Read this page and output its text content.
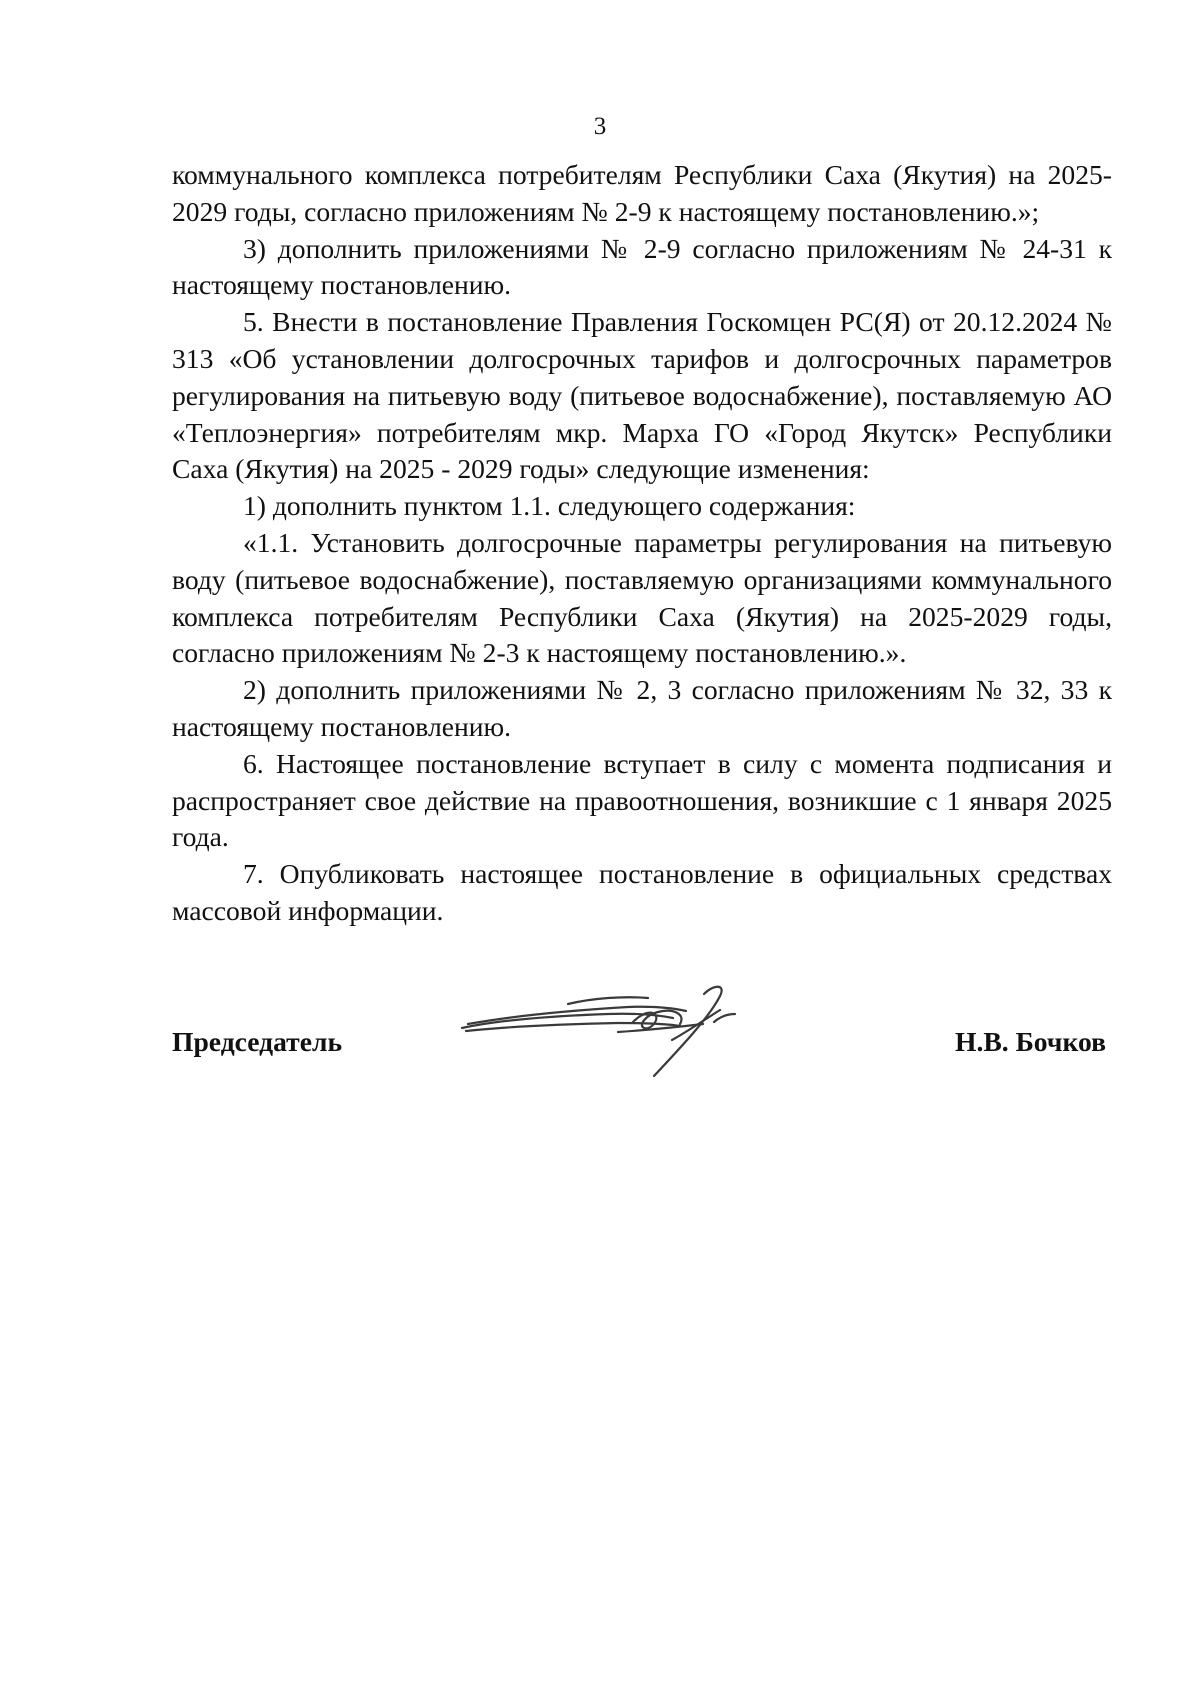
3

коммунального комплекса потребителям Республики Саха (Якутия) на 2025-2029 годы, согласно приложениям № 2-9 к настоящему постановлению.»;

3) дополнить приложениями № 2-9 согласно приложениям № 24-31 к настоящему постановлению.

5. Внести в постановление Правления Госкомцен РС(Я) от 20.12.2024 № 313 «Об установлении долгосрочных тарифов и долгосрочных параметров регулирования на питьевую воду (питьевое водоснабжение), поставляемую АО «Теплоэнергия» потребителям мкр. Марха ГО «Город Якутск» Республики Саха (Якутия) на 2025 - 2029 годы» следующие изменения:

1) дополнить пунктом 1.1. следующего содержания:

«1.1. Установить долгосрочные параметры регулирования на питьевую воду (питьевое водоснабжение), поставляемую организациями коммунального комплекса потребителям Республики Саха (Якутия) на 2025-2029 годы, согласно приложениям № 2-3 к настоящему постановлению.».

2) дополнить приложениями № 2, 3 согласно приложениям № 32, 33 к настоящему постановлению.

6. Настоящее постановление вступает в силу с момента подписания и распространяет свое действие на правоотношения, возникшие с 1 января 2025 года.

7. Опубликовать настоящее постановление в официальных средствах массовой информации.

Председатель	Н.В. Бочков
